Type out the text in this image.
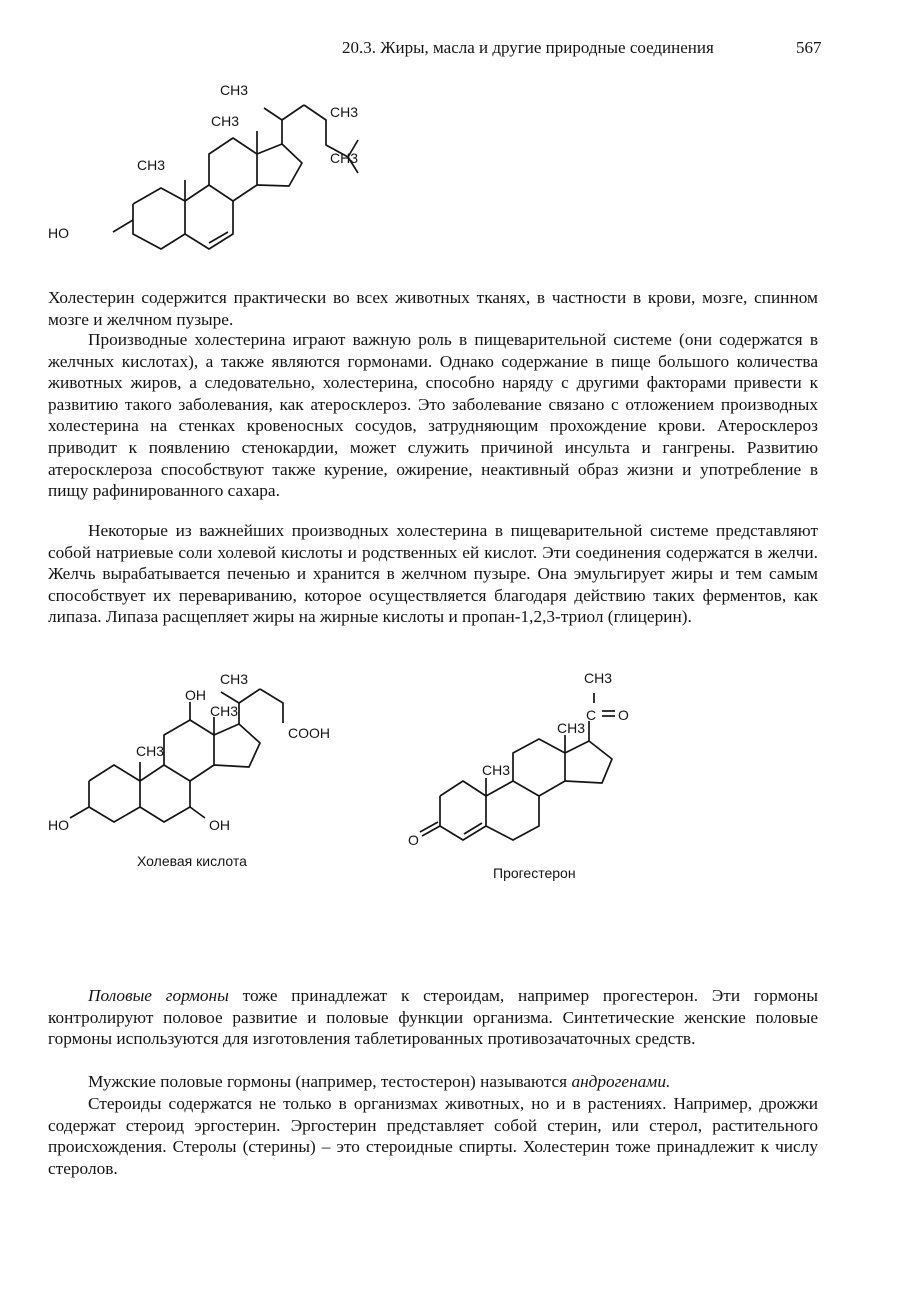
20.3. Жиры, масла и другие природные соединения	567
CH3
CH3
CH3
CH3
CH3
HO

Холестерин содержится практически во всех животных тканях, в частности в крови, мозге, спинном мозге и желчном пузыре.

Производные холестерина играют важную роль в пищеварительной системе (они содержатся в желчных кислотах), а также являются гормонами. Однако содержание в пище большого количества животных жиров, а следовательно, холестерина, способно наряду с другими факторами привести к развитию такого заболевания, как атеросклероз. Это заболевание связано с отложением производных холестерина на стенках кровеносных сосудов, затрудняющим прохождение крови. Атеросклероз приводит к появлению стенокардии, может служить причиной инсульта и гангрены. Развитию атеросклероза способствуют также курение, ожирение, неактивный образ жизни и употребление в пищу рафинированного сахара.

Некоторые из важнейших производных холестерина в пищеварительной системе представляют собой натриевые соли холевой кислоты и родственных ей кислот. Эти соединения содержатся в желчи. Желчь вырабатывается печенью и хранится в желчном пузыре. Она эмульгирует жиры и тем самым способствует их перевариванию, которое осуществляется благодаря действию таких ферментов, как липаза. Липаза расщепляет жиры на жирные кислоты и пропан-1,2,3-триол (глицерин).

CH3
OH
CH3
CH3
COOH
HO	OH
Холевая кислота
CH3
C O
CH3
CH3
O
Прогестерон

Половые гормоны тоже принадлежат к стероидам, например прогестерон. Эти гормоны контролируют половое развитие и половые функции организма. Синтетические женские половые гормоны используются для изготовления таблетированных противозачаточных средств.

Мужские половые гормоны (например, тестостерон) называются андрогенами.

Стероиды содержатся не только в организмах животных, но и в растениях. Например, дрожжи содержат стероид эргостерин. Эргостерин представляет собой стерин, или стерол, растительного происхождения. Стеролы (стерины) – это стероидные спирты. Холестерин тоже принадлежит к числу стеролов.
